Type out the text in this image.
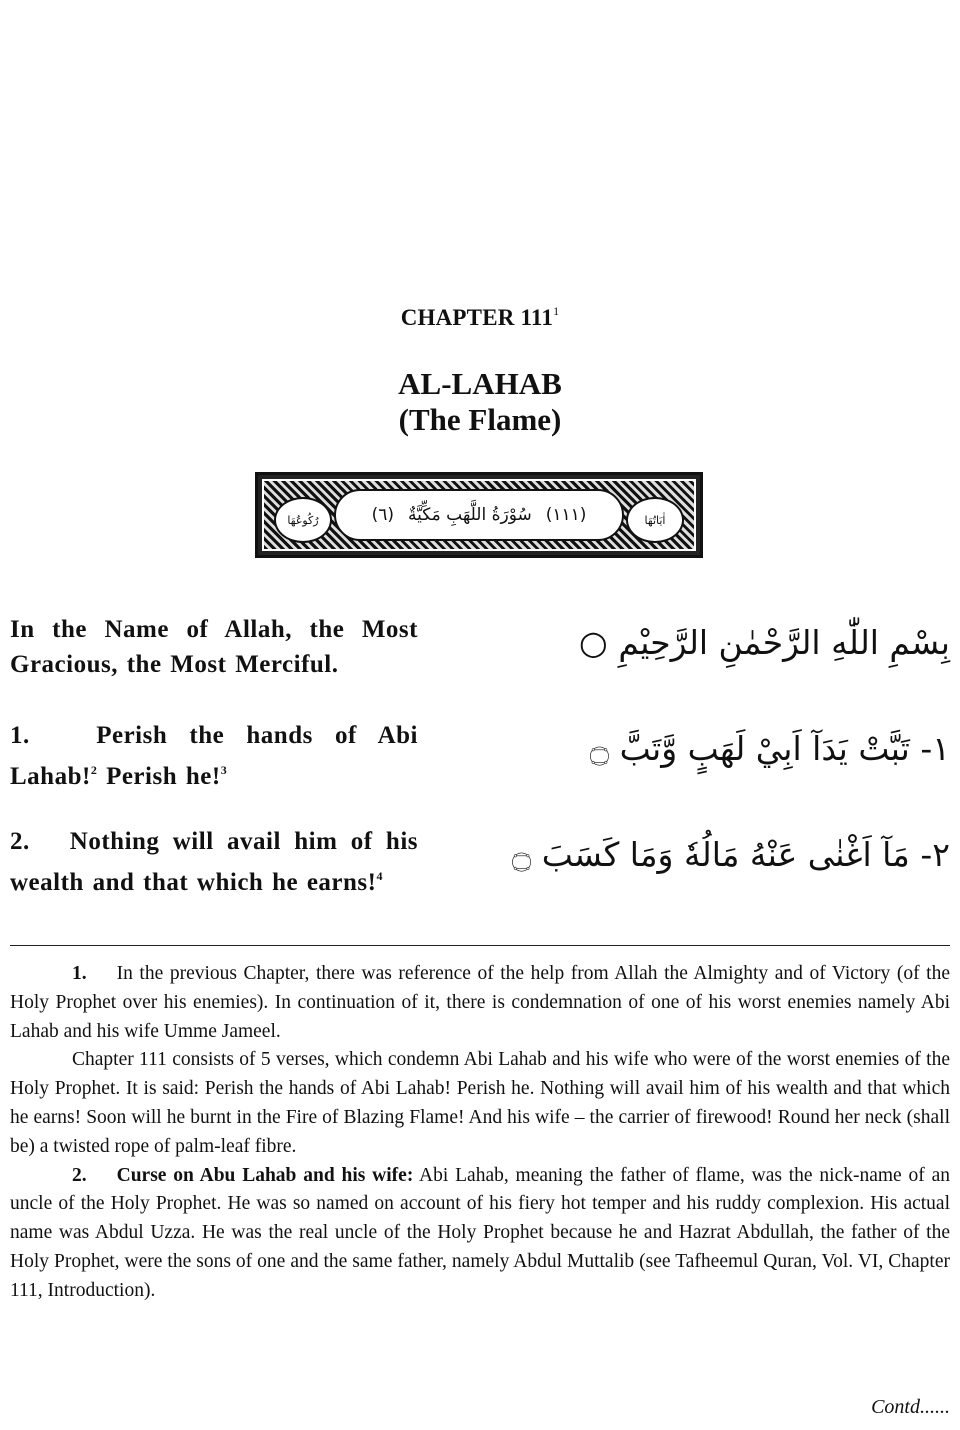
CHAPTER $111^1$
AL-LAHAB
(The Flame)
اٰيَاتُهَا
(١١١)
سُوْرَةُ اللَّهَبِ مَكِّيَّةٌ
(٦)
رُكُوعُهَا
In the Name of Allah, the Most Gracious, the Most Merciful.
بِسْمِ اللّٰهِ الرَّحْمٰنِ الرَّحِيْمِ ○
1.	Perish the hands of Abi Lahab!$^2$ Perish he!$^3$
١- تَبَّتْ يَدَآ اَبِيْ لَهَبٍ وَّتَبَّ ۝
2. Nothing will avail him of his wealth and that which he earns!$^4$
٢- مَآ اَغْنٰى عَنْهُ مَالُهٗ وَمَا كَسَبَ ۝

1. In the previous Chapter, there was reference of the help from Allah the Almighty and of Victory (of the Holy Prophet over his enemies). In continuation of it, there is condemnation of one of his worst enemies namely Abi Lahab and his wife Umme Jameel.

Chapter 111 consists of 5 verses, which condemn Abi Lahab and his wife who were of the worst enemies of the Holy Prophet. It is said: Perish the hands of Abi Lahab! Perish he. Nothing will avail him of his wealth and that which he earns! Soon will he burnt in the Fire of Blazing Flame! And his wife – the carrier of firewood! Round her neck (shall be) a twisted rope of palm-leaf fibre.

2. Curse on Abu Lahab and his wife: Abi Lahab, meaning the father of flame, was the nick-name of an uncle of the Holy Prophet. He was so named on account of his fiery hot temper and his ruddy complexion. His actual name was Abdul Uzza. He was the real uncle of the Holy Prophet because he and Hazrat Abdullah, the father of the Holy Prophet, were the sons of one and the same father, namely Abdul Muttalib (see Tafheemul Quran, Vol. VI, Chapter 111, Introduction).

Contd......
